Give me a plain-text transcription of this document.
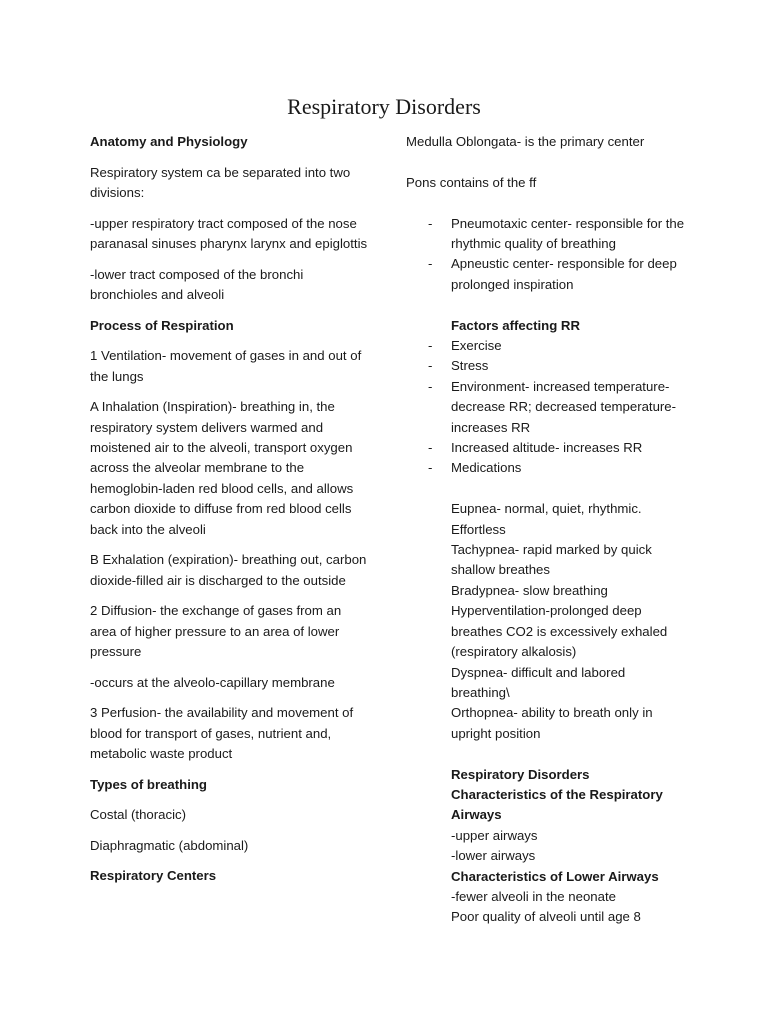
Respiratory Disorders

Anatomy and Physiology

Respiratory system ca be separated into two divisions:

-upper respiratory tract composed of the nose paranasal sinuses pharynx larynx and epiglottis

-lower tract composed of the bronchi bronchioles and alveoli

Process of Respiration

1 Ventilation- movement of gases in and out of the lungs

A Inhalation (Inspiration)- breathing in, the respiratory system delivers warmed and moistened air to the alveoli, transport oxygen across the alveolar membrane to the hemoglobin-laden red blood cells, and allows carbon dioxide to diffuse from red blood cells back into the alveoli

B Exhalation (expiration)- breathing out, carbon dioxide-filled air is discharged to the outside

2 Diffusion- the exchange of gases from an area of higher pressure to an area of lower pressure

-occurs at the alveolo-capillary membrane

3 Perfusion- the availability and movement of blood for transport of gases, nutrient and, metabolic waste product

Types of breathing

Costal (thoracic)

Diaphragmatic (abdominal)

Respiratory Centers

Medulla Oblongata- is the primary center

Pons contains of the ff

- Pneumotaxic center- responsible for the rhythmic quality of breathing
- Apneustic center- responsible for deep prolonged inspiration

Factors affecting RR

- Exercise
- Stress
- Environment- increased temperature- decrease RR; decreased temperature- increases RR
- Increased altitude- increases RR
- Medications

Eupnea- normal, quiet, rhythmic. Effortless

Tachypnea- rapid marked by quick shallow breathes

Bradypnea- slow breathing

Hyperventilation-prolonged deep breathes CO2 is excessively exhaled (respiratory alkalosis)

Dyspnea- difficult and labored breathing\

Orthopnea- ability to breath only in upright position

Respiratory Disorders

Characteristics of the Respiratory Airways

-upper airways

-lower airways

Characteristics of Lower Airways

-fewer alveoli in the neonate

Poor quality of alveoli until age 8
